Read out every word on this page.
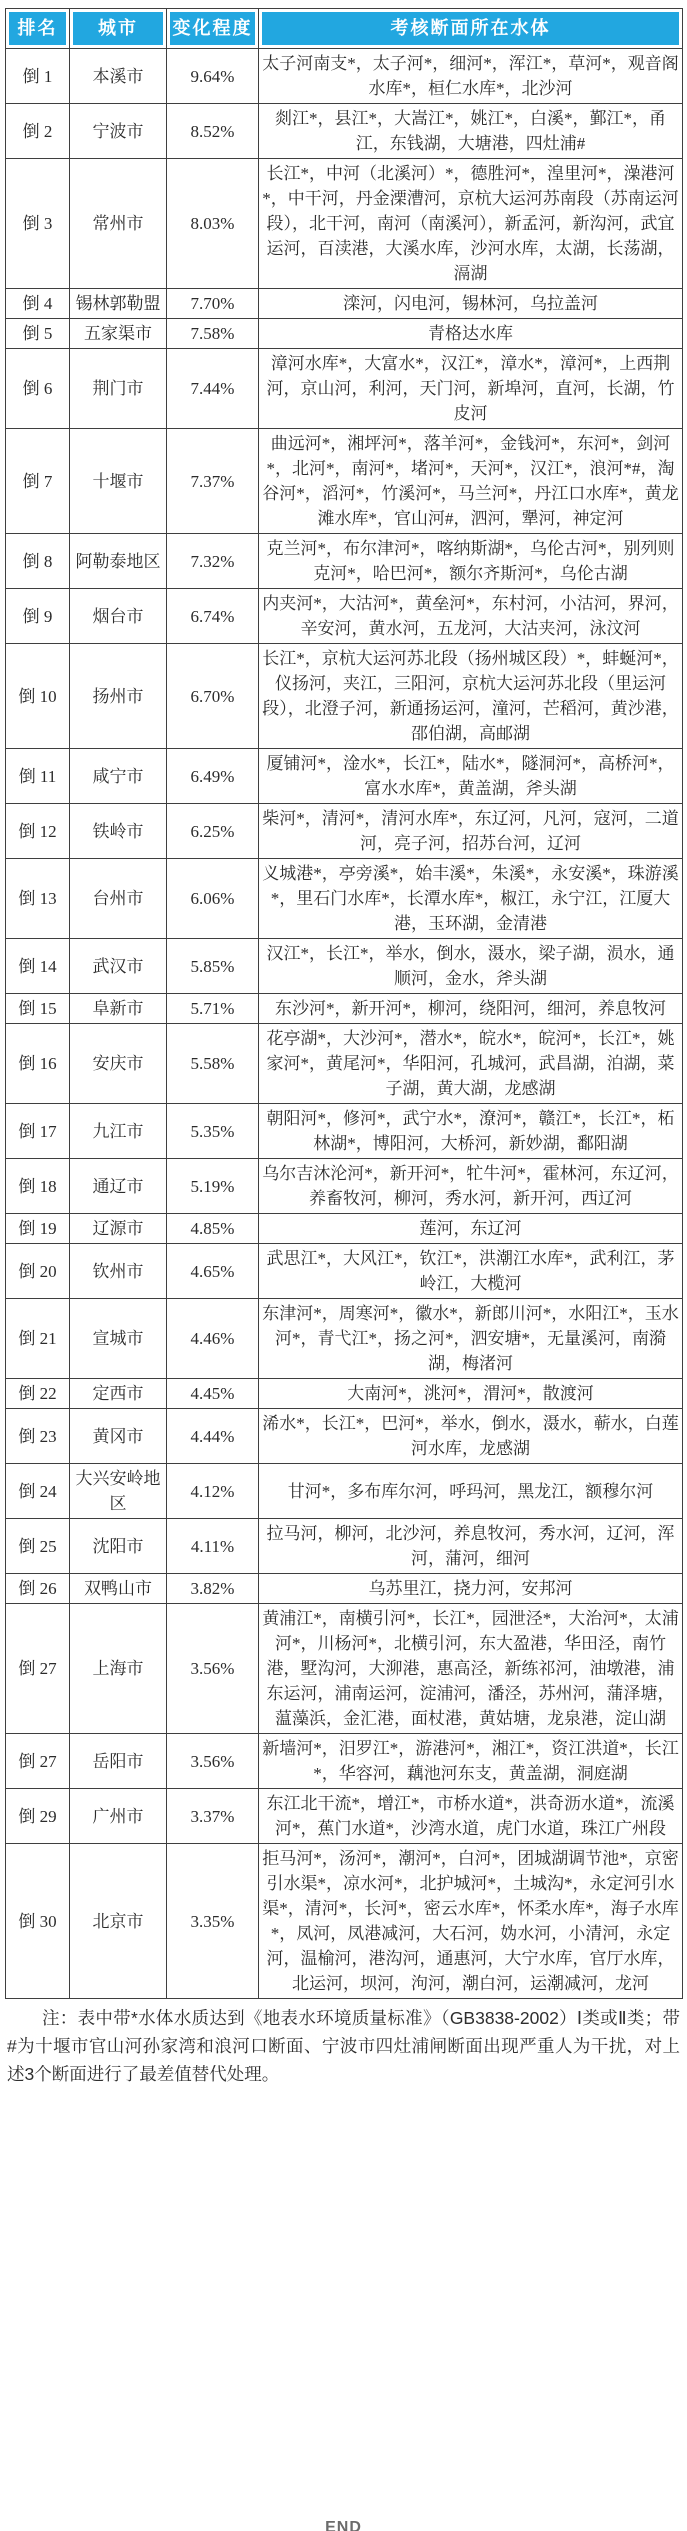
排名	城市	变化程度	考核断面所在水体

倒 1	本溪市	9.64%	太子河南支*，太子河*，细河*，浑江*，草河*，观音阁水库*，桓仁水库*，北沙河
倒 2	宁波市	8.52%	剡江*，县江*，大嵩江*，姚江*，白溪*，鄞江*，甬江，东钱湖，大塘港，四灶浦#
倒 3	常州市	8.03%	长江*，中河（北溪河）*，德胜河*，湟里河*，澡港河*，中干河，丹金溧漕河，京杭大运河苏南段（苏南运河段），北干河，南河（南溪河），新孟河，新沟河，武宜运河，百渎港，大溪水库，沙河水库，太湖，长荡湖，滆湖
倒 4	锡林郭勒盟	7.70%	滦河，闪电河，锡林河，乌拉盖河
倒 5	五家渠市	7.58%	青格达水库
倒 6	荆门市	7.44%	漳河水库*，大富水*，汉江*，漳水*，漳河*，上西荆河，京山河，利河，天门河，新埠河，直河，长湖，竹皮河
倒 7	十堰市	7.37%	曲远河*，湘坪河*，落羊河*，金钱河*，东河*，剑河*，北河*，南河*，堵河*，天河*，汉江*，浪河*#，淘谷河*，滔河*，竹溪河*，马兰河*，丹江口水库*，黄龙滩水库*，官山河#，泗河，犟河，神定河
倒 8	阿勒泰地区	7.32%	克兰河*，布尔津河*，喀纳斯湖*，乌伦古河*，别列则克河*，哈巴河*，额尔齐斯河*，乌伦古湖
倒 9	烟台市	6.74%	内夹河*，大沽河*，黄垒河*，东村河，小沽河，界河，辛安河，黄水河，五龙河，大沽夹河，泳汶河
倒 10	扬州市	6.70%	长江*，京杭大运河苏北段（扬州城区段）*，蚌蜒河*，仪扬河，夹江，三阳河，京杭大运河苏北段（里运河段），北澄子河，新通扬运河，潼河，芒稻河，黄沙港，邵伯湖，高邮湖
倒 11	咸宁市	6.49%	厦铺河*，淦水*，长江*，陆水*，隧洞河*，高桥河*，富水水库*，黄盖湖，斧头湖
倒 12	铁岭市	6.25%	柴河*，清河*，清河水库*，东辽河，凡河，寇河，二道河，亮子河，招苏台河，辽河
倒 13	台州市	6.06%	义城港*，亭旁溪*，始丰溪*，朱溪*，永安溪*，珠游溪*，里石门水库*，长潭水库*，椒江，永宁江，江厦大港，玉环湖，金清港
倒 14	武汉市	5.85%	汉江*，长江*，举水，倒水，滠水，梁子湖，涢水，通顺河，金水，斧头湖
倒 15	阜新市	5.71%	东沙河*，新开河*，柳河，绕阳河，细河，养息牧河
倒 16	安庆市	5.58%	花亭湖*，大沙河*，潜水*，皖水*，皖河*，长江*，姚家河*，黄尾河*，华阳河，孔城河，武昌湖，泊湖，菜子湖，黄大湖，龙感湖
倒 17	九江市	5.35%	朝阳河*，修河*，武宁水*，潦河*，赣江*，长江*，柘林湖*，博阳河，大桥河，新妙湖，鄱阳湖
倒 18	通辽市	5.19%	乌尔吉沐沦河*，新开河*，牤牛河*，霍林河，东辽河，养畜牧河，柳河，秀水河，新开河，西辽河
倒 19	辽源市	4.85%	莲河，东辽河
倒 20	钦州市	4.65%	武思江*，大风江*，钦江*，洪潮江水库*，武利江，茅岭江，大榄河
倒 21	宣城市	4.46%	东津河*，周寒河*，徽水*，新郎川河*，水阳江*，玉水河*，青弋江*，扬之河*，泗安塘*，无量溪河，南漪湖，梅渚河
倒 22	定西市	4.45%	大南河*，洮河*，渭河*，散渡河
倒 23	黄冈市	4.44%	浠水*，长江*，巴河*，举水，倒水，滠水，蕲水，白莲河水库，龙感湖
倒 24	大兴安岭地区	4.12%	甘河*，多布库尔河，呼玛河，黑龙江，额穆尔河
倒 25	沈阳市	4.11%	拉马河，柳河，北沙河，养息牧河，秀水河，辽河，浑河，蒲河，细河
倒 26	双鸭山市	3.82%	乌苏里江，挠力河，安邦河
倒 27	上海市	3.56%	黄浦江*，南横引河*，长江*，园泄泾*，大治河*，太浦河*，川杨河*，北横引河，东大盈港，华田泾，南竹港，墅沟河，大泖港，惠高泾，新练祁河，油墩港，浦东运河，浦南运河，淀浦河，潘泾，苏州河，蒲泽塘，蕰藻浜，金汇港，面杖港，黄姑塘，龙泉港，淀山湖
倒 27	岳阳市	3.56%	新墙河*，汨罗江*，游港河*，湘江*，资江洪道*，长江*，华容河，藕池河东支，黄盖湖，洞庭湖
倒 29	广州市	3.37%	东江北干流*，增江*，市桥水道*，洪奇沥水道*，流溪河*，蕉门水道*，沙湾水道，虎门水道，珠江广州段
倒 30	北京市	3.35%	拒马河*，汤河*，潮河*，白河*，团城湖调节池*，京密引水渠*，凉水河*，北护城河*，土城沟*，永定河引水渠*，清河*，长河*，密云水库*，怀柔水库*，海子水库*，凤河，凤港减河，大石河，妫水河，小清河，永定河，温榆河，港沟河，通惠河，大宁水库，官厅水库，北运河，坝河，泃河，潮白河，运潮减河，龙河

注：表中带*水体水质达到《地表水环境质量标准》（GB3838-2002）Ⅰ类或Ⅱ类；带#为十堰市官山河孙家湾和浪河口断面、宁波市四灶浦闸断面出现严重人为干扰，对上述3个断面进行了最差值替代处理。

END
